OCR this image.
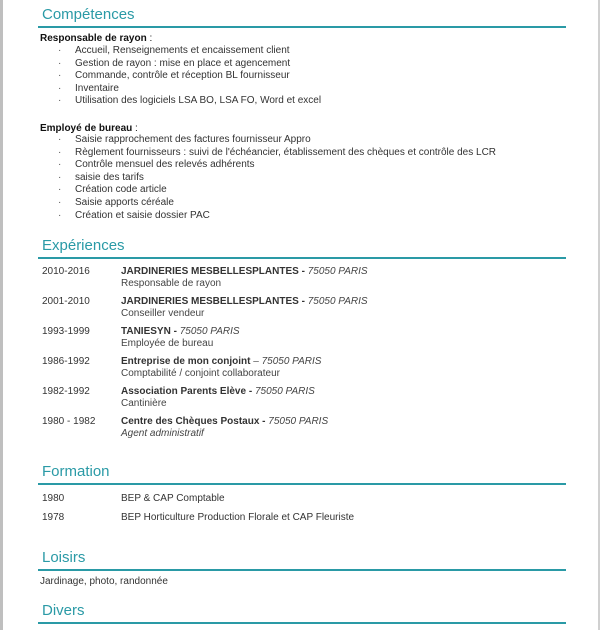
Compétences
Responsable de rayon :
· Accueil, Renseignements et encaissement client
· Gestion de rayon : mise en place et agencement
· Commande, contrôle et réception BL fournisseur
· Inventaire
· Utilisation des logiciels LSA BO, LSA FO, Word et excel
Employé de bureau :
· Saisie rapprochement des factures fournisseur Appro
· Règlement fournisseurs : suivi de l'échéancier, établissement des chèques et contrôle des LCR
· Contrôle mensuel des relevés adhérents
· saisie des tarifs
· Création code article
· Saisie apports céréale
· Création et saisie dossier PAC
Expériences
2010-2016	JARDINERIES MESBELLESPLANTES - 75050 PARIS
Responsable de rayon
2001-2010	JARDINERIES MESBELLESPLANTES - 75050 PARIS
Conseiller vendeur
1993-1999	TANIESYN - 75050 PARIS
Employée de bureau
1986-1992	Entreprise de mon conjoint – 75050 PARIS
Comptabilité / conjoint collaborateur
1982-1992	Association Parents Elève - 75050 PARIS
Cantinière
1980 - 1982	Centre des Chèques Postaux - 75050 PARIS
Agent administratif
Formation
1980	BEP & CAP Comptable
1978	BEP Horticulture Production Florale et CAP Fleuriste
Loisirs
Jardinage, photo, randonnée
Divers
